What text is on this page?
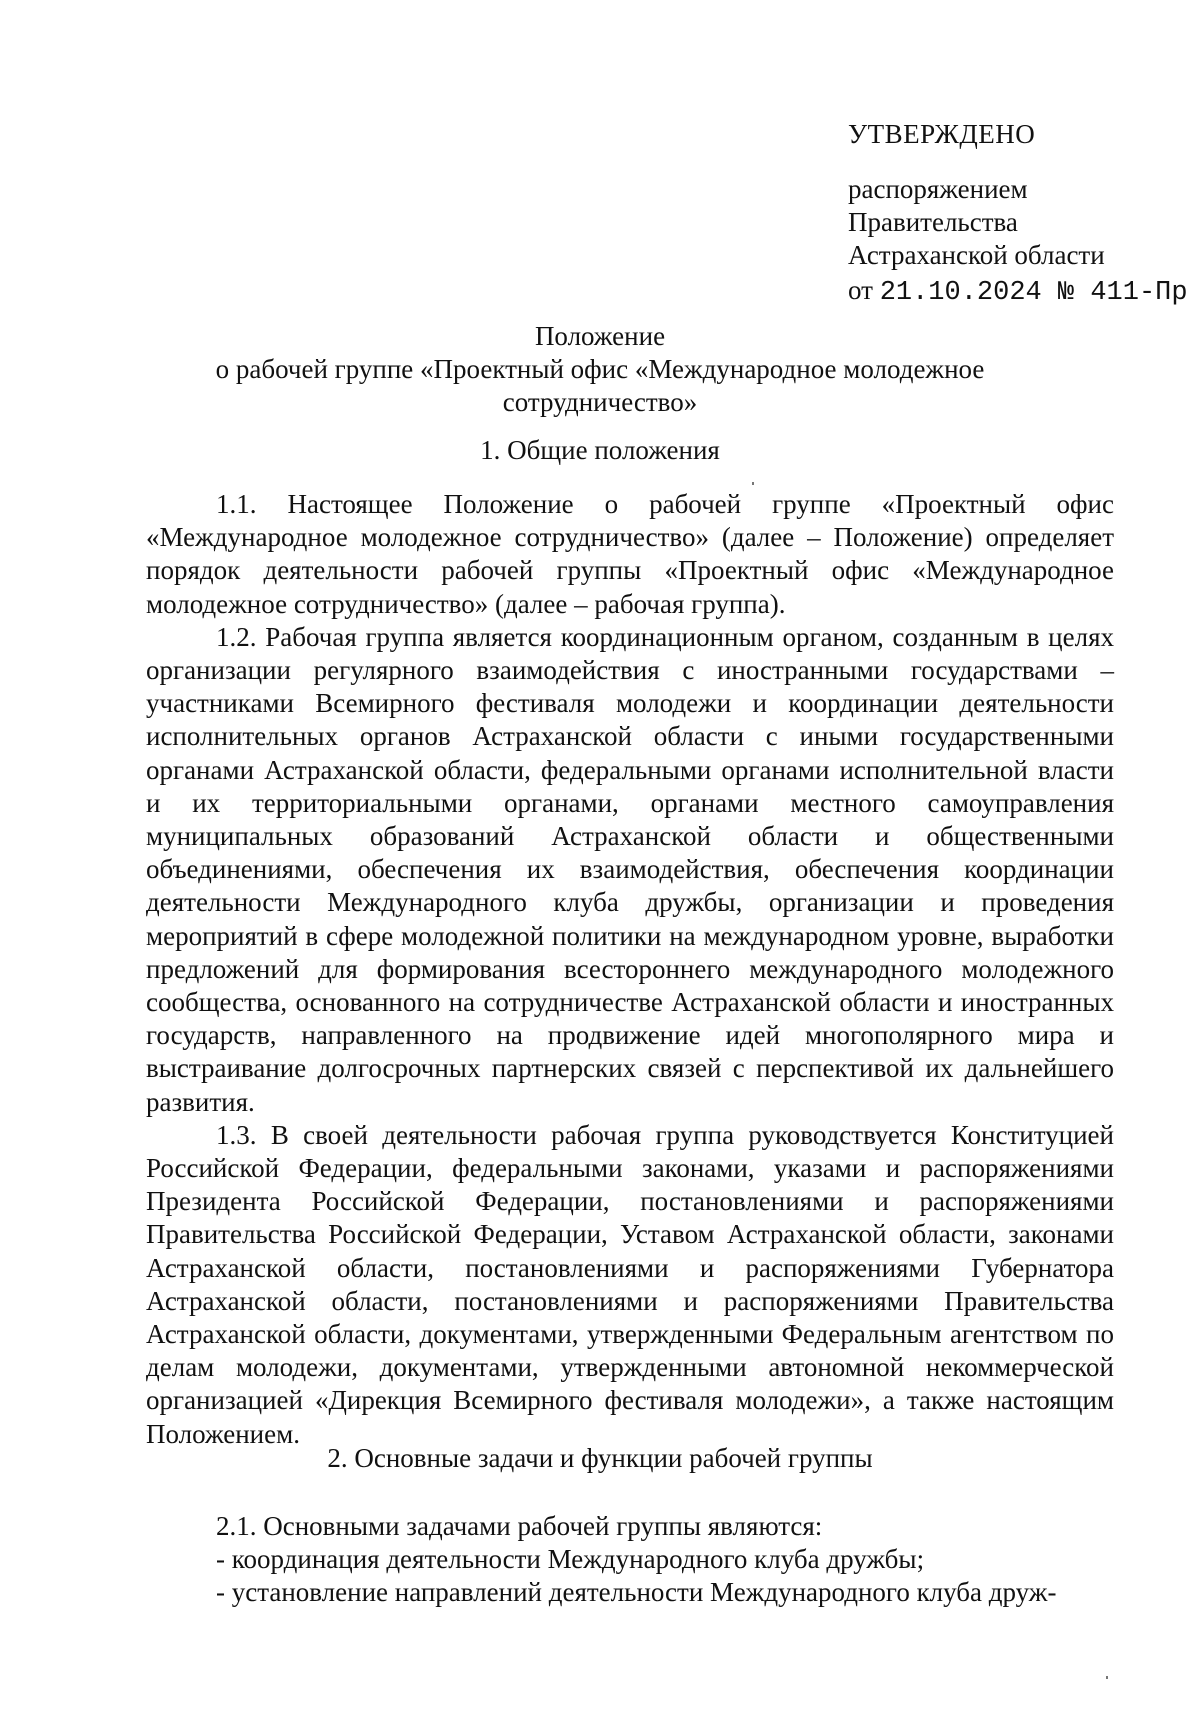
УТВЕРЖДЕНО
распоряжением
Правительства
Астраханской области
от 21.10.2024 № 411-Пр
Положение
о рабочей группе «Проектный офис «Международное молодежное
сотрудничество»
1. Общие положения

1.1. Настоящее Положение о рабочей группе «Проектный офис «Международное молодежное сотрудничество» (далее – Положение) определяет порядок деятельности рабочей группы «Проектный офис «Международное молодежное сотрудничество» (далее – рабочая группа).

1.2. Рабочая группа является координационным органом, созданным в целях организации регулярного взаимодействия с иностранными государствами – участниками Всемирного фестиваля молодежи и координации деятельности исполнительных органов Астраханской области с иными государственными органами Астраханской области, федеральными органами исполнительной власти и их территориальными органами, органами местного самоуправления муниципальных образований Астраханской области и общественными объединениями, обеспечения их взаимодействия, обеспечения координации деятельности Международного клуба дружбы, организации и проведения мероприятий в сфере молодежной политики на международном уровне, выработки предложений для формирования всестороннего международного молодежного сообщества, основанного на сотрудничестве Астраханской области и иностранных государств, направленного на продвижение идей многополярного мира и выстраивание долгосрочных партнерских связей с перспективой их дальнейшего развития.

1.3. В своей деятельности рабочая группа руководствуется Конституцией Российской Федерации, федеральными законами, указами и распоряжениями Президента Российской Федерации, постановлениями и распоряжениями Правительства Российской Федерации, Уставом Астраханской области, законами Астраханской области, постановлениями и распоряжениями Губернатора Астраханской области, постановлениями и распоряжениями Правительства Астраханской области, документами, утвержденными Федеральным агентством по делам молодежи, документами, утвержденными автономной некоммерческой организацией «Дирекция Всемирного фестиваля молодежи», а также настоящим Положением.

2. Основные задачи и функции рабочей группы
2.1. Основными задачами рабочей группы являются:
- координация деятельности Международного клуба дружбы;
- установление направлений деятельности Международного клуба друж-
